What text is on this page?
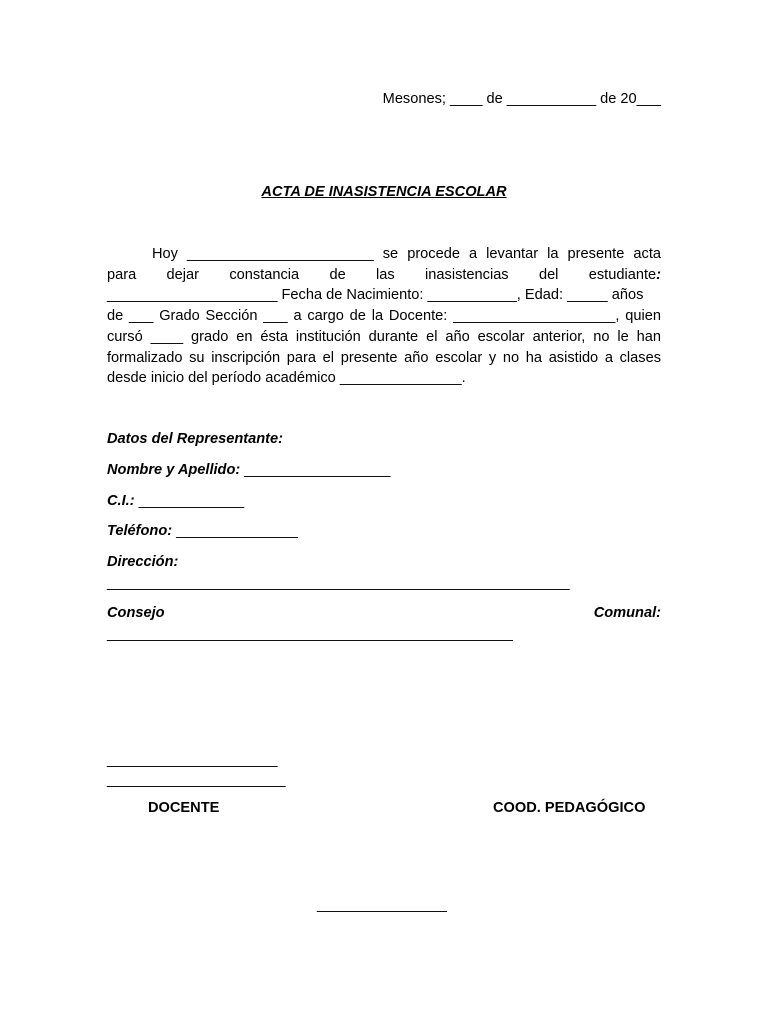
Mesones; ____ de ___________ de 20___
ACTA DE INASISTENCIA ESCOLAR
Hoy _______________________ se procede a levantar la presente acta
para dejar constancia de las inasistencias del estudiante:
_____________________ Fecha de Nacimiento: ___________, Edad: _____ años
de ___ Grado Sección ___ a cargo de la Docente: ____________________, quien
cursó ____ grado en ésta institución durante el año escolar anterior, no le han
formalizado su inscripción para el presente año escolar y no ha asistido a clases
desde inicio del período académico _______________.
Datos del Representante:
Nombre y Apellido: __________________
C.I.: _____________
Teléfono: _______________
Dirección:
_________________________________________________________
Consejo	Comunal:
__________________________________________________
_____________________
______________________
DOCENTE	COOD. PEDAGÓGICO
________________
